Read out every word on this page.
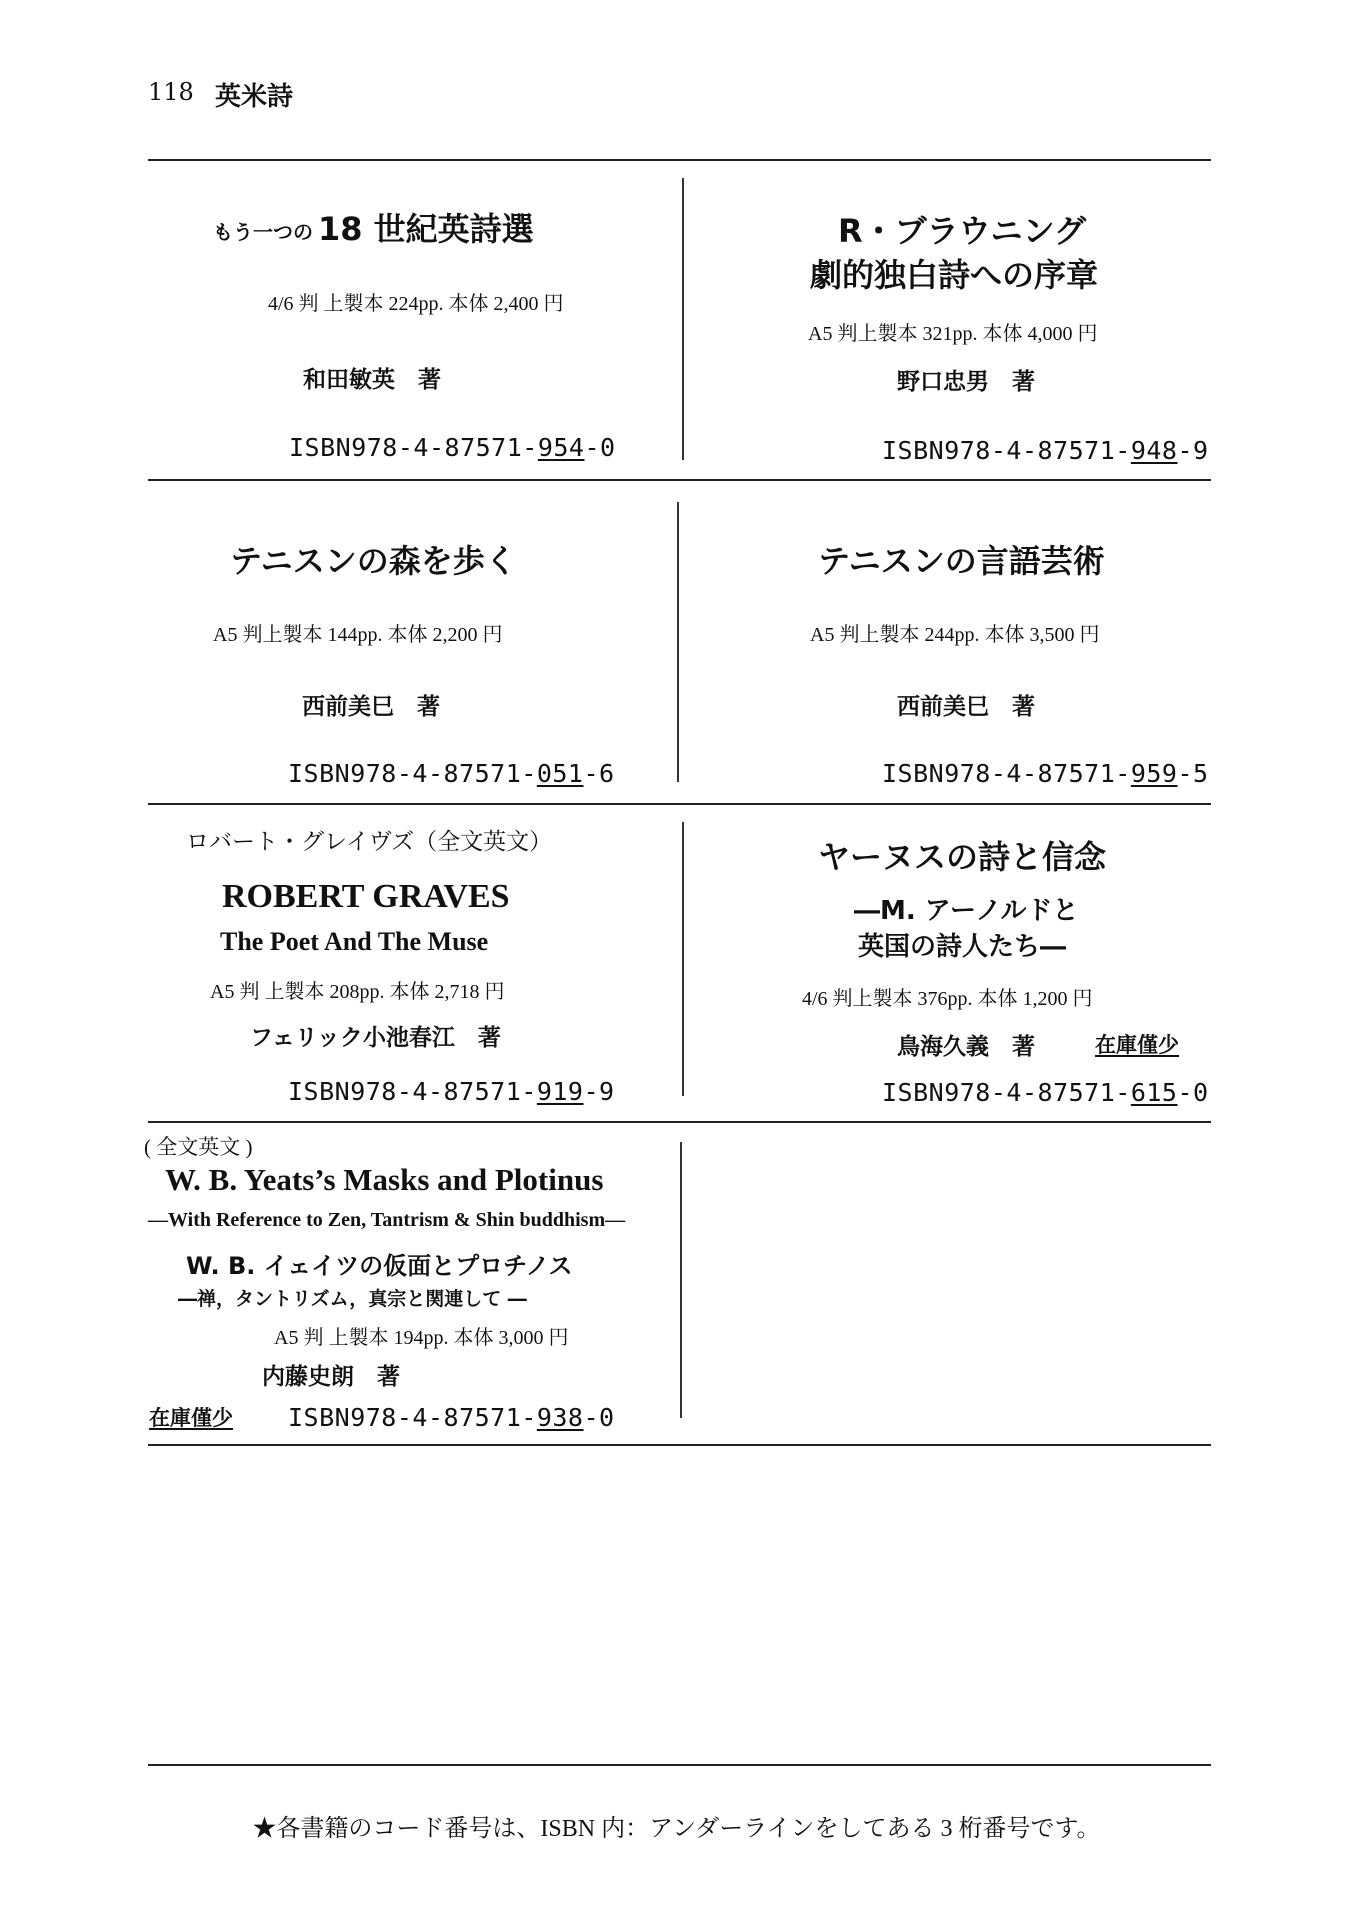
118 英米詩
もう一つの 18 世紀英詩選
4/6 判 上製本 224pp. 本体 2,400 円
和田敏英　著
ISBN978-4-87571-954-0
R・ブラウニング
劇的独白詩への序章
A5 判上製本 321pp. 本体 4,000 円
野口忠男　著
ISBN978-4-87571-948-9
テニスンの森を歩く
A5 判上製本 144pp. 本体 2,200 円
西前美巳　著
ISBN978-4-87571-051-6
テニスンの言語芸術
A5 判上製本 244pp. 本体 3,500 円
西前美巳　著
ISBN978-4-87571-959-5
ロバート・グレイヴズ（全文英文）
ROBERT GRAVES
The Poet And The Muse
A5 判 上製本 208pp. 本体 2,718 円
フェリック小池春江　著
ISBN978-4-87571-919-9
ヤーヌスの詩と信念
―M. アーノルドと
英国の詩人たち―
4/6 判上製本 376pp. 本体 1,200 円
鳥海久義　著	在庫僅少
ISBN978-4-87571-615-0
( 全文英文 )
W. B. Yeats’s Masks and Plotinus
―With Reference to Zen, Tantrism & Shin buddhism―
W. B. イェイツの仮面とプロチノス
―禅，タントリズム，真宗と関連して ―
A5 判 上製本 194pp. 本体 3,000 円
内藤史朗　著
在庫僅少 ISBN978-4-87571-938-0
★各書籍のコード番号は、ISBN 内：アンダーラインをしてある 3 桁番号です。
